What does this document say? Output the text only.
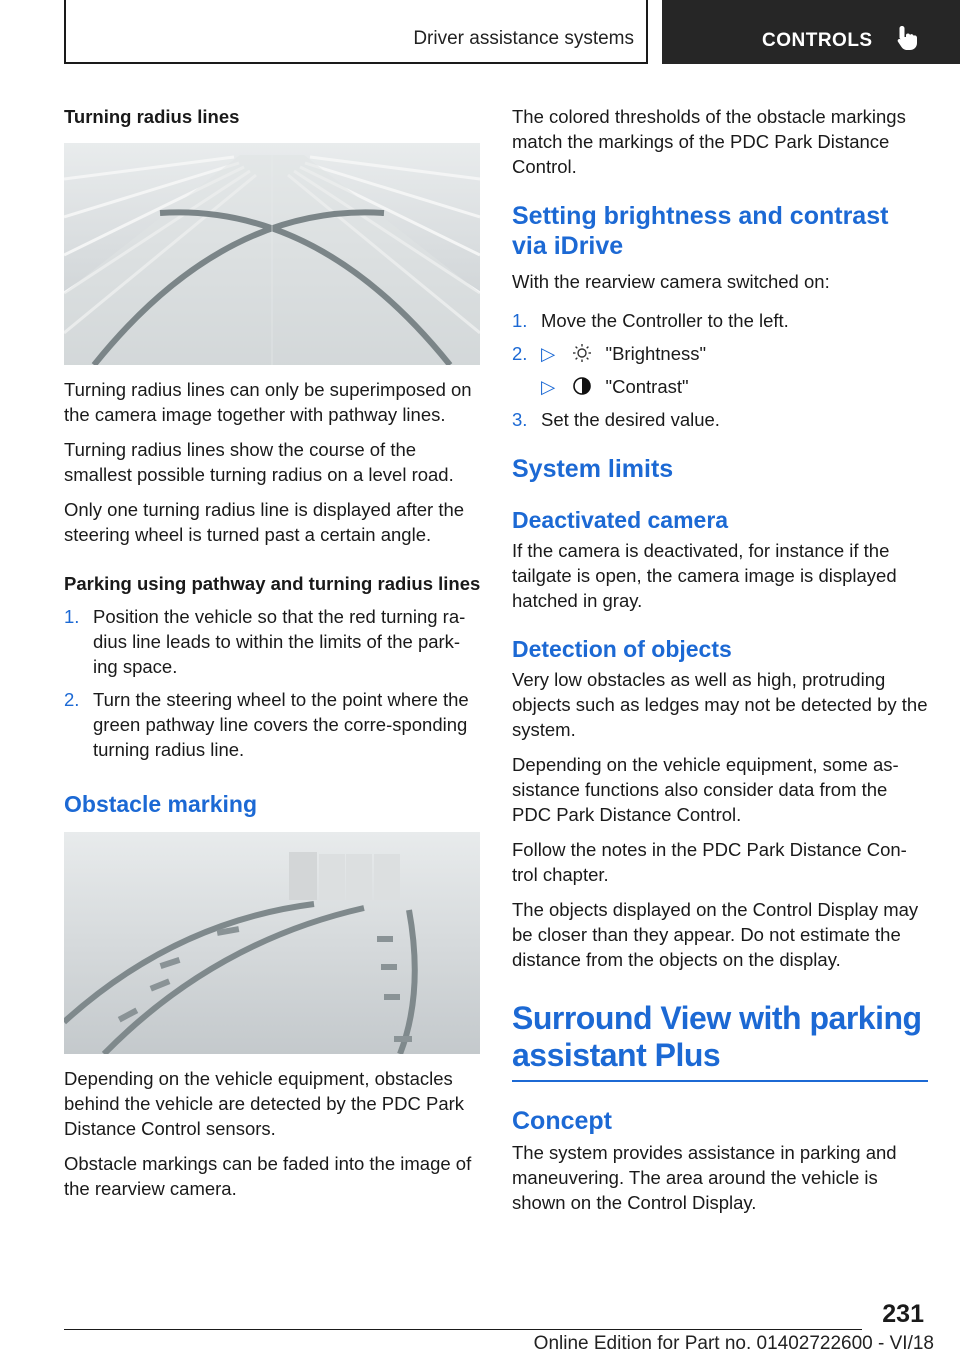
Driver assistance systems	CONTROLS
Turning radius lines

Turning radius lines can only be superimposed on the camera image together with pathway lines.

Turning radius lines show the course of the smallest possible turning radius on a level road.

Only one turning radius line is displayed after the steering wheel is turned past a certain angle.

Parking using pathway and turning radius lines
1. Position the vehicle so that the red turning ra‐dius line leads to within the limits of the park‐ing space.
2. Turn the steering wheel to the point where the green pathway line covers the corre‐sponding turning radius line.
Obstacle marking

Depending on the vehicle equipment, obstacles behind the vehicle are detected by the PDC Park Distance Control sensors.

Obstacle markings can be faded into the image of the rearview camera.

The colored thresholds of the obstacle markings match the markings of the PDC Park Distance Control.

Setting brightness and contrast via iDrive

With the rearview camera switched on:

1. Move the Controller to the left.
2. ▷	"Brightness"
▷	"Contrast"
3. Set the desired value.
System limits
Deactivated camera

If the camera is deactivated, for instance if the tailgate is open, the camera image is displayed hatched in gray.

Detection of objects

Very low obstacles as well as high, protruding objects such as ledges may not be detected by the system.

Depending on the vehicle equipment, some as‐sistance functions also consider data from the PDC Park Distance Control.

Follow the notes in the PDC Park Distance Con‐trol chapter.

The objects displayed on the Control Display may be closer than they appear. Do not estimate the distance from the objects on the display.

Surround View with parking
assistant Plus
Concept

The system provides assistance in parking and maneuvering. The area around the vehicle is shown on the Control Display.

231
Online Edition for Part no. 01402722600 - VI/18
